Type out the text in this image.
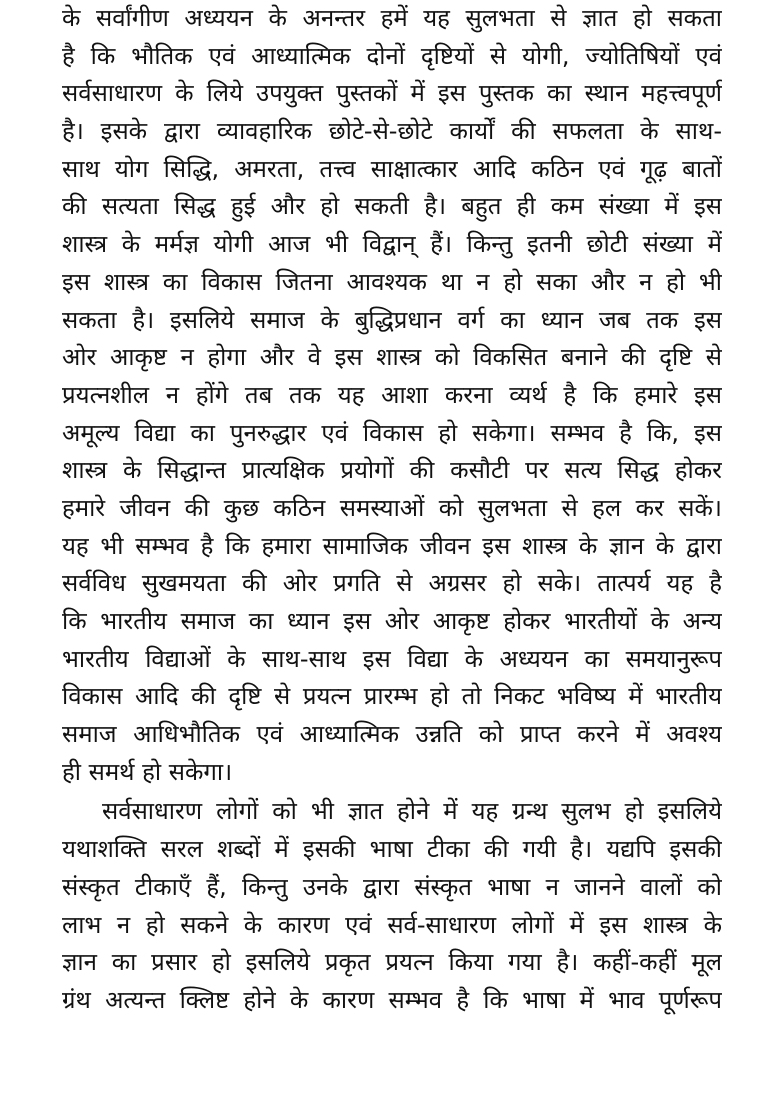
के सर्वांगीण अध्ययन के अनन्तर हमें यह सुलभता से ज्ञात हो सकता
है कि भौतिक एवं आध्यात्मिक दोनों दृष्टियों से योगी, ज्योतिषियों एवं
सर्वसाधारण के लिये उपयुक्त पुस्तकों में इस पुस्तक का स्थान महत्त्वपूर्ण
है। इसके द्वारा व्यावहारिक छोटे-से-छोटे कार्यों की सफलता के साथ-
साथ योग सिद्धि, अमरता, तत्त्व साक्षात्कार आदि कठिन एवं गूढ़ बातों
की सत्यता सिद्ध हुई और हो सकती है। बहुत ही कम संख्या में इस
शास्त्र के मर्मज्ञ योगी आज भी विद्वान् हैं। किन्तु इतनी छोटी संख्या में
इस शास्त्र का विकास जितना आवश्यक था न हो सका और न हो भी
सकता है। इसलिये समाज के बुद्धिप्रधान वर्ग का ध्यान जब तक इस
ओर आकृष्ट न होगा और वे इस शास्त्र को विकसित बनाने की दृष्टि से
प्रयत्नशील न होंगे तब तक यह आशा करना व्यर्थ है कि हमारे इस
अमूल्य विद्या का पुनरुद्धार एवं विकास हो सकेगा। सम्भव है कि, इस
शास्त्र के सिद्धान्त प्रात्यक्षिक प्रयोगों की कसौटी पर सत्य सिद्ध होकर
हमारे जीवन की कुछ कठिन समस्याओं को सुलभता से हल कर सकें।
यह भी सम्भव है कि हमारा सामाजिक जीवन इस शास्त्र के ज्ञान के द्वारा
सर्वविध सुखमयता की ओर प्रगति से अग्रसर हो सके। तात्पर्य यह है
कि भारतीय समाज का ध्यान इस ओर आकृष्ट होकर भारतीयों के अन्य
भारतीय विद्याओं के साथ-साथ इस विद्या के अध्ययन का समयानुरूप
विकास आदि की दृष्टि से प्रयत्न प्रारम्भ हो तो निकट भविष्य में भारतीय
समाज आधिभौतिक एवं आध्यात्मिक उन्नति को प्राप्त करने में अवश्य
ही समर्थ हो सकेगा।
सर्वसाधारण लोगों को भी ज्ञात होने में यह ग्रन्थ सुलभ हो इसलिये
यथाशक्ति सरल शब्दों में इसकी भाषा टीका की गयी है। यद्यपि इसकी
संस्कृत टीकाएँ हैं, किन्तु उनके द्वारा संस्कृत भाषा न जानने वालों को
लाभ न हो सकने के कारण एवं सर्व-साधारण लोगों में इस शास्त्र के
ज्ञान का प्रसार हो इसलिये प्रकृत प्रयत्न किया गया है। कहीं-कहीं मूल
ग्रंथ अत्यन्त क्लिष्ट होने के कारण सम्भव है कि भाषा में भाव पूर्णरूप
